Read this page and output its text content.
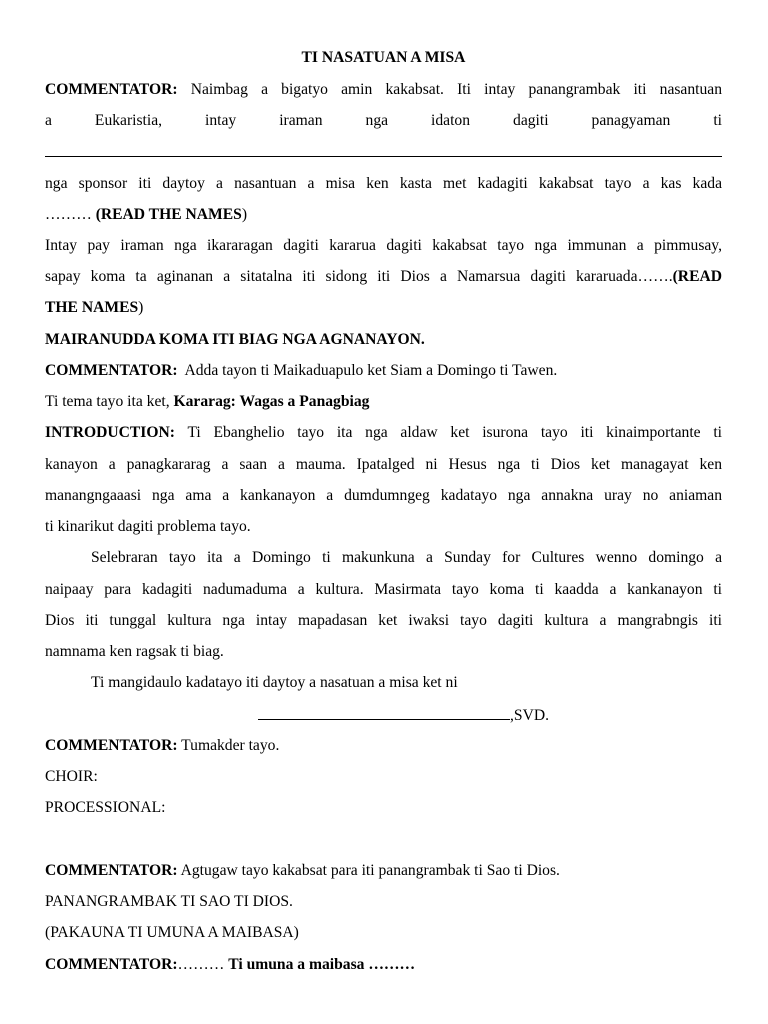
TI NASATUAN A MISA
COMMENTATOR: Naimbag a bigatyo amin kakabsat. Iti intay panangrambak iti nasantuan
a Eukaristia, intay iraman nga idaton dagiti panagyaman ti
nga sponsor iti daytoy a nasantuan a misa ken kasta met kadagiti kakabsat tayo a kas kada
……… (READ THE NAMES)
Intay pay iraman nga ikararagan dagiti kararua dagiti kakabsat tayo nga immunan a pimmusay,
sapay koma ta aginanan a sitatalna iti sidong iti Dios a Namarsua dagiti kararuada…….(READ
THE NAMES)
MAIRANUDDA KOMA ITI BIAG NGA AGNANAYON.
COMMENTATOR: Adda tayon ti Maikaduapulo ket Siam a Domingo ti Tawen.
Ti tema tayo ita ket, Kararag: Wagas a Panagbiag
INTRODUCTION: Ti Ebanghelio tayo ita nga aldaw ket isurona tayo iti kinaimportante ti
kanayon a panagkararag a saan a mauma. Ipatalged ni Hesus nga ti Dios ket managayat ken
manangngaaasi nga ama a kankanayon a dumdumngeg kadatayo nga annakna uray no aniaman
ti kinarikut dagiti problema tayo.
Selebraran tayo ita a Domingo ti makunkuna a Sunday for Cultures wenno domingo a
naipaay para kadagiti nadumaduma a kultura. Masirmata tayo koma ti kaadda a kankanayon ti
Dios iti tunggal kultura nga intay mapadasan ket iwaksi tayo dagiti kultura a mangrabngis iti
namnama ken ragsak ti biag.
Ti mangidaulo kadatayo iti daytoy a nasatuan a misa ket ni
,SVD.
COMMENTATOR: Tumakder tayo.
CHOIR:
PROCESSIONAL:
COMMENTATOR: Agtugaw tayo kakabsat para iti panangrambak ti Sao ti Dios.
PANANGRAMBAK TI SAO TI DIOS.
(PAKAUNA TI UMUNA A MAIBASA)
COMMENTATOR:……… Ti umuna a maibasa ………
